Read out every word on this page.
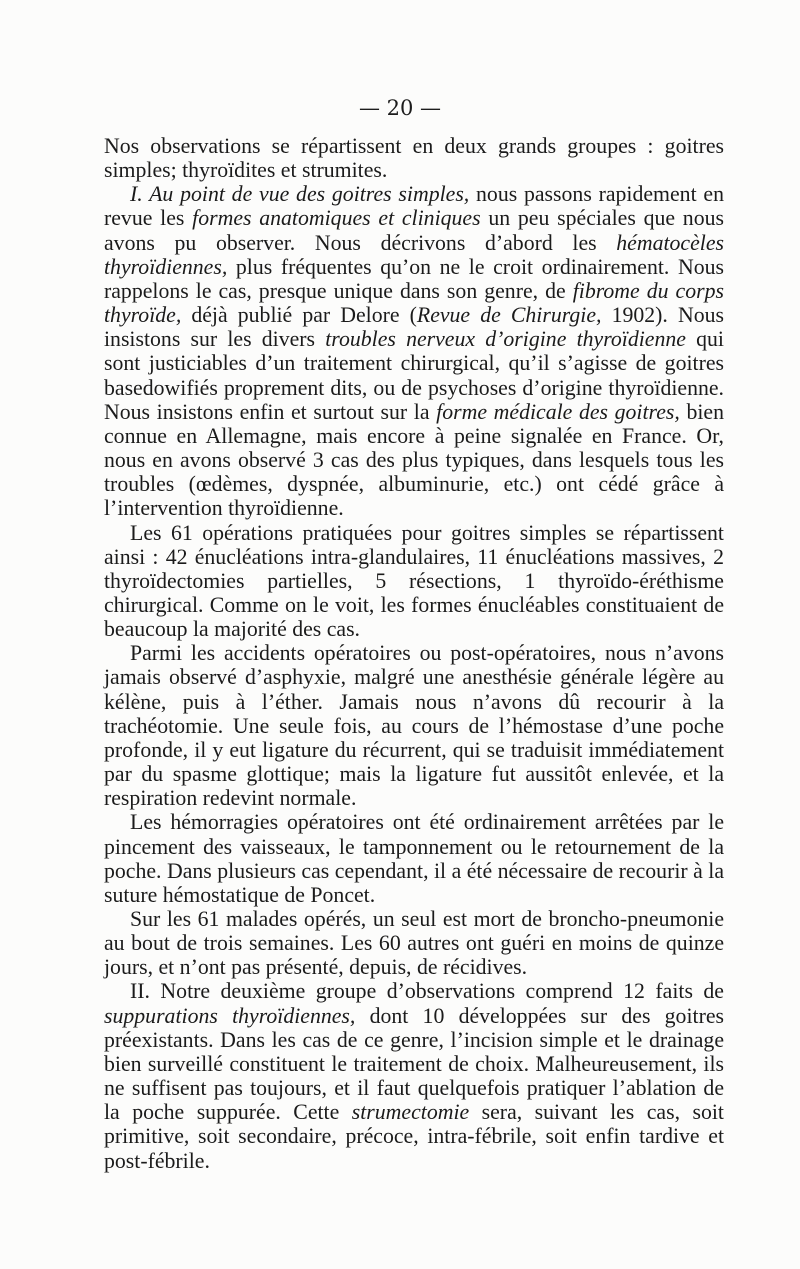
— 20 —

Nos observations se répartissent en deux grands groupes : goitres simples; thyroïdites et strumites.

I. Au point de vue des goitres simples, nous passons rapidement en revue les formes anatomiques et cliniques un peu spéciales que nous avons pu observer. Nous décrivons d’abord les hématocèles thyroïdiennes, plus fréquentes qu’on ne le croit ordinairement. Nous rappelons le cas, presque unique dans son genre, de fibrome du corps thyroïde, déjà publié par Delore (Revue de Chirurgie, 1902). Nous insistons sur les divers troubles nerveux d’origine thyroïdienne qui sont justiciables d’un traitement chirurgical, qu’il s’agisse de goitres basedowifiés proprement dits, ou de psychoses d’origine thyroïdienne. Nous insistons enfin et surtout sur la forme médicale des goitres, bien connue en Allemagne, mais encore à peine signalée en France. Or, nous en avons observé 3 cas des plus typiques, dans lesquels tous les troubles (œdèmes, dyspnée, albuminurie, etc.) ont cédé grâce à l’intervention thyroïdienne.

Les 61 opérations pratiquées pour goitres simples se répartissent ainsi : 42 énucléations intra-glandulaires, 11 énucléations massives, 2 thyroïdectomies partielles, 5 résections, 1 thyroïdo-éréthisme chirurgical. Comme on le voit, les formes énucléables constituaient de beaucoup la majorité des cas.

Parmi les accidents opératoires ou post-opératoires, nous n’avons jamais observé d’asphyxie, malgré une anesthésie générale légère au kélène, puis à l’éther. Jamais nous n’avons dû recourir à la trachéotomie. Une seule fois, au cours de l’hémostase d’une poche profonde, il y eut ligature du récurrent, qui se traduisit immédiatement par du spasme glottique; mais la ligature fut aussitôt enlevée, et la respiration redevint normale.

Les hémorragies opératoires ont été ordinairement arrêtées par le pincement des vaisseaux, le tamponnement ou le retournement de la poche. Dans plusieurs cas cependant, il a été nécessaire de recourir à la suture hémostatique de Poncet.

Sur les 61 malades opérés, un seul est mort de broncho-pneumonie au bout de trois semaines. Les 60 autres ont guéri en moins de quinze jours, et n’ont pas présenté, depuis, de récidives.

II. Notre deuxième groupe d’observations comprend 12 faits de suppurations thyroïdiennes, dont 10 développées sur des goitres préexistants. Dans les cas de ce genre, l’incision simple et le drainage bien surveillé constituent le traitement de choix. Malheureusement, ils ne suffisent pas toujours, et il faut quelquefois pratiquer l’ablation de la poche suppurée. Cette strumectomie sera, suivant les cas, soit primitive, soit secondaire, précoce, intra-fébrile, soit enfin tardive et post-fébrile.
